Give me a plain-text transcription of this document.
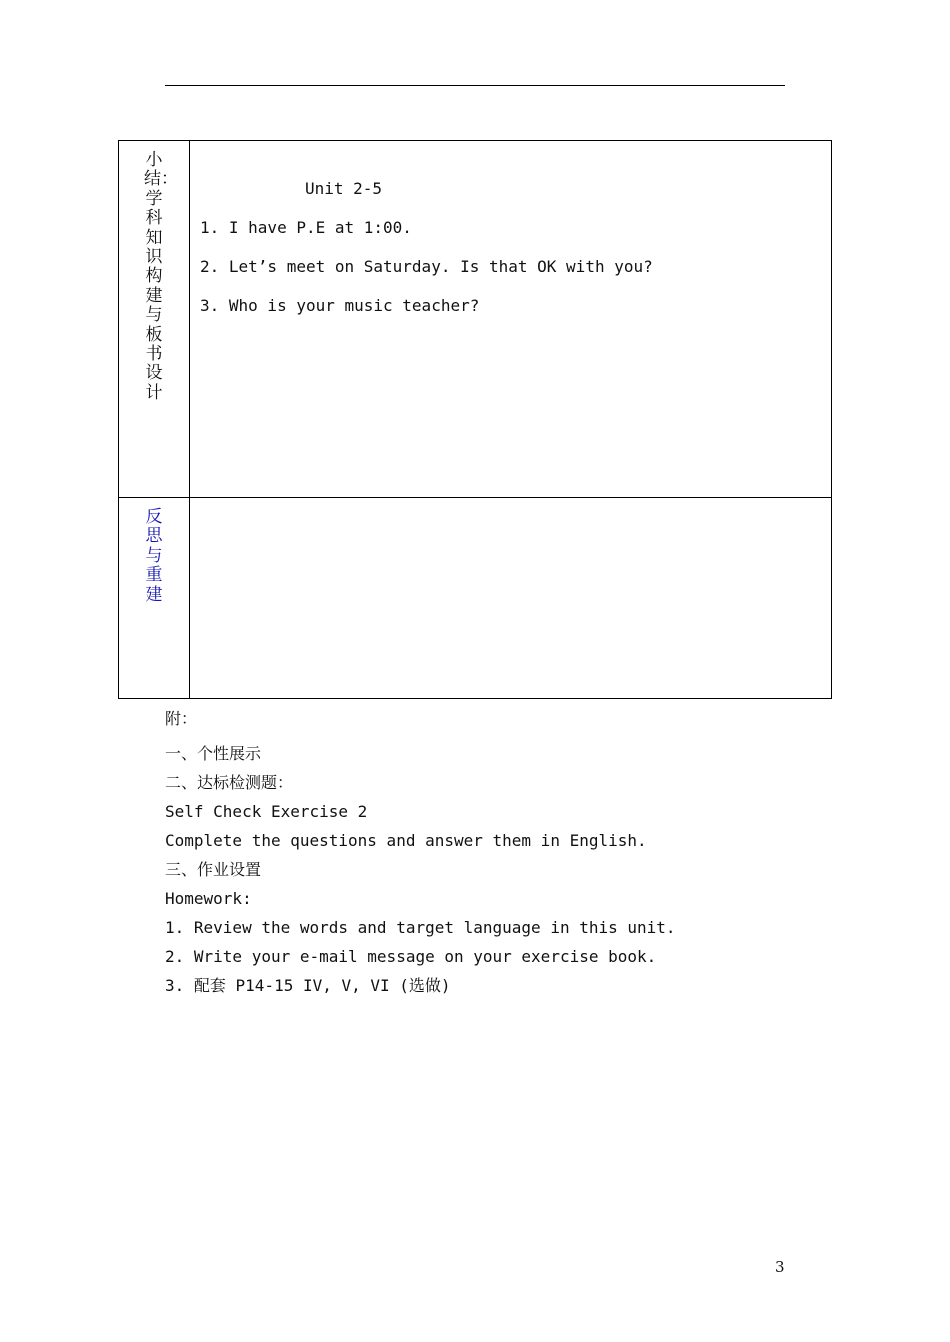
小结：学科知识构建与板书设计	Unit 2-5
1. I have P.E at 1:00.
2. Let’s meet on Saturday. Is that OK with you?
3. Who is your music teacher?

反思与重建	

附：
一、个性展示
二、达标检测题：
Self Check Exercise 2
Complete the questions and answer them in English.
三、作业设置
Homework:
1. Review the words and target language in this unit.
2. Write your e-mail message on your exercise book.
3. 配套 P14-15 IV, V, VI (选做)
3
